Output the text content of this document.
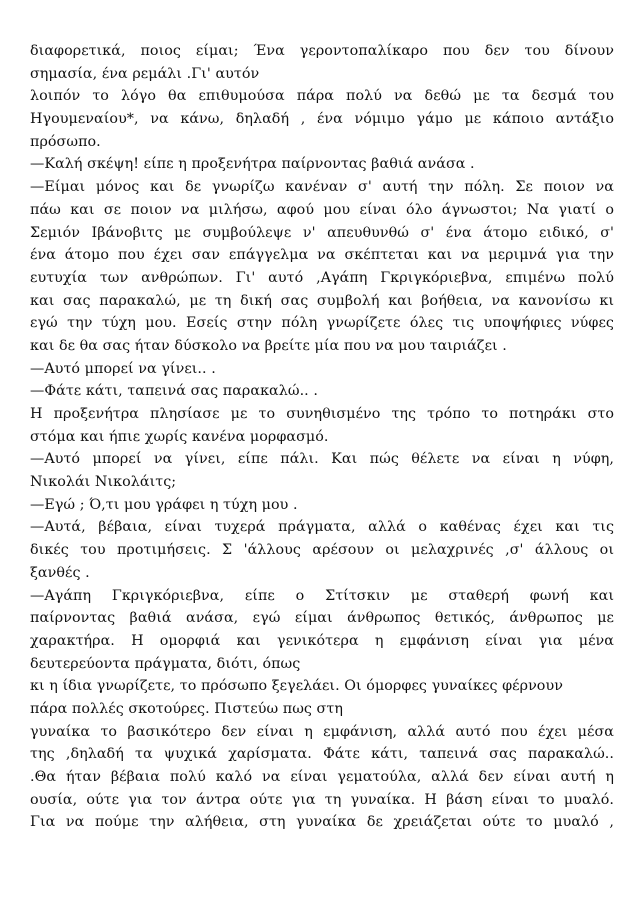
διαφορετικά, ποιος είμαι; Ένα γεροντοπαλίκαρο που δεν του δίνουν
σημασία, ένα ρεμάλι .Γι' αυτόν
λοιπόν το λόγο θα επιθυμούσα πάρα πολύ να δεθώ με τα δεσμά του
Ηγουμεναίου*, να κάνω, δηλαδή , ένα νόμιμο γάμο με κάποιο αντάξιο
πρόσωπο.
—Καλή σκέψη! είπε η προξενήτρα παίρνοντας βαθιά ανάσα .
—Είμαι μόνος και δε γνωρίζω κανέναν σ' αυτή την πόλη. Σε ποιον να
πάω και σε ποιον να μιλήσω, αφού μου είναι όλο άγνωστοι; Να γιατί ο
Σεμιόν Ιβάνοβιτς με συμβούλεψε ν' απευθυνθώ σ' ένα άτομο ειδικό, σ'
ένα άτομο που έχει σαν επάγγελμα να σκέπτεται και να μεριμνά για την
ευτυχία των ανθρώπων. Γι' αυτό ,Αγάπη Γκριγκόριεβνα, επιμένω πολύ
και σας παρακαλώ, με τη δική σας συμβολή και βοήθεια, να κανονίσω κι
εγώ την τύχη μου. Εσείς στην πόλη γνωρίζετε όλες τις υποψήφιες νύφες
και δε θα σας ήταν δύσκολο να βρείτε μία που να μου ταιριάζει .
—Αυτό μπορεί να γίνει.. .
—Φάτε κάτι, ταπεινά σας παρακαλώ.. .
Η προξενήτρα πλησίασε με το συνηθισμένο της τρόπο το ποτηράκι στο
στόμα και ήπιε χωρίς κανένα μορφασμό.
—Αυτό μπορεί να γίνει, είπε πάλι. Και πώς θέλετε να είναι η νύφη,
Νικολάι Νικολάιτς;
—Εγώ ; Ό,τι μου γράφει η τύχη μου .
—Αυτά, βέβαια, είναι τυχερά πράγματα, αλλά ο καθένας έχει και τις
δικές του προτιμήσεις. Σ 'άλλους αρέσουν οι μελαχρινές ,σ' άλλους οι
ξανθές .
—Αγάπη Γκριγκόριεβνα, είπε ο Στίτσκιν με σταθερή φωνή και
παίρνοντας βαθιά ανάσα, εγώ είμαι άνθρωπος θετικός, άνθρωπος με
χαρακτήρα. Η ομορφιά και γενικότερα η εμφάνιση είναι για μένα
δευτερεύοντα πράγματα, διότι, όπως
κι η ίδια γνωρίζετε, το πρόσωπο ξεγελάει. Οι όμορφες γυναίκες φέρνουν
πάρα πολλές σκοτούρες. Πιστεύω πως στη
γυναίκα το βασικότερο δεν είναι η εμφάνιση, αλλά αυτό που έχει μέσα
της ,δηλαδή τα ψυχικά χαρίσματα. Φάτε κάτι, ταπεινά σας παρακαλώ..
.Θα ήταν βέβαια πολύ καλό να είναι γεματούλα, αλλά δεν είναι αυτή η
ουσία, ούτε για τον άντρα ούτε για τη γυναίκα. Η βάση είναι το μυαλό.
Για να πούμε την αλήθεια, στη γυναίκα δε χρειάζεται ούτε το μυαλό ,
